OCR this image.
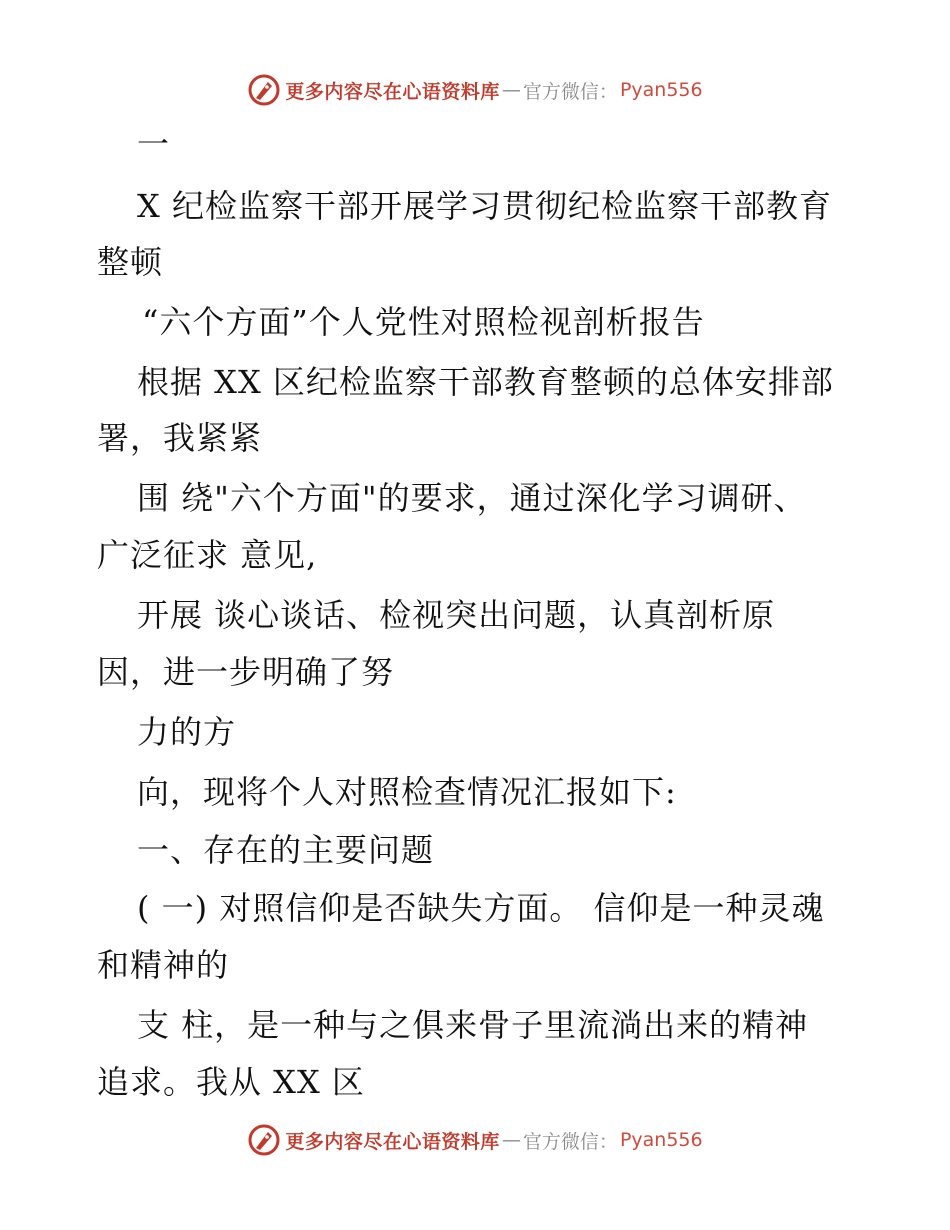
更多内容尽在心语资料库 — 官方微信： Pyan556
一
X 纪检监察干部开展学习贯彻纪检监察干部教育
整顿
“六个方面”个人党性对照检视剖析报告
根据 XX 区纪检监察干部教育整顿的总体安排部
署，我紧紧
围 绕"六个方面"的要求，通过深化学习调研、
广泛征求 意见,
开展 谈心谈话、检视突出问题，认真剖析原
因，进一步明确了努
力的方
向，现将个人对照检查情况汇报如下:
一、存在的主要问题
( 一) 对照信仰是否缺失方面。 信仰是一种灵魂
和精神的
支 柱，是一种与之俱来骨子里流淌出来的精神
追求。我从 XX 区
更多内容尽在心语资料库 — 官方微信： Pyan556
